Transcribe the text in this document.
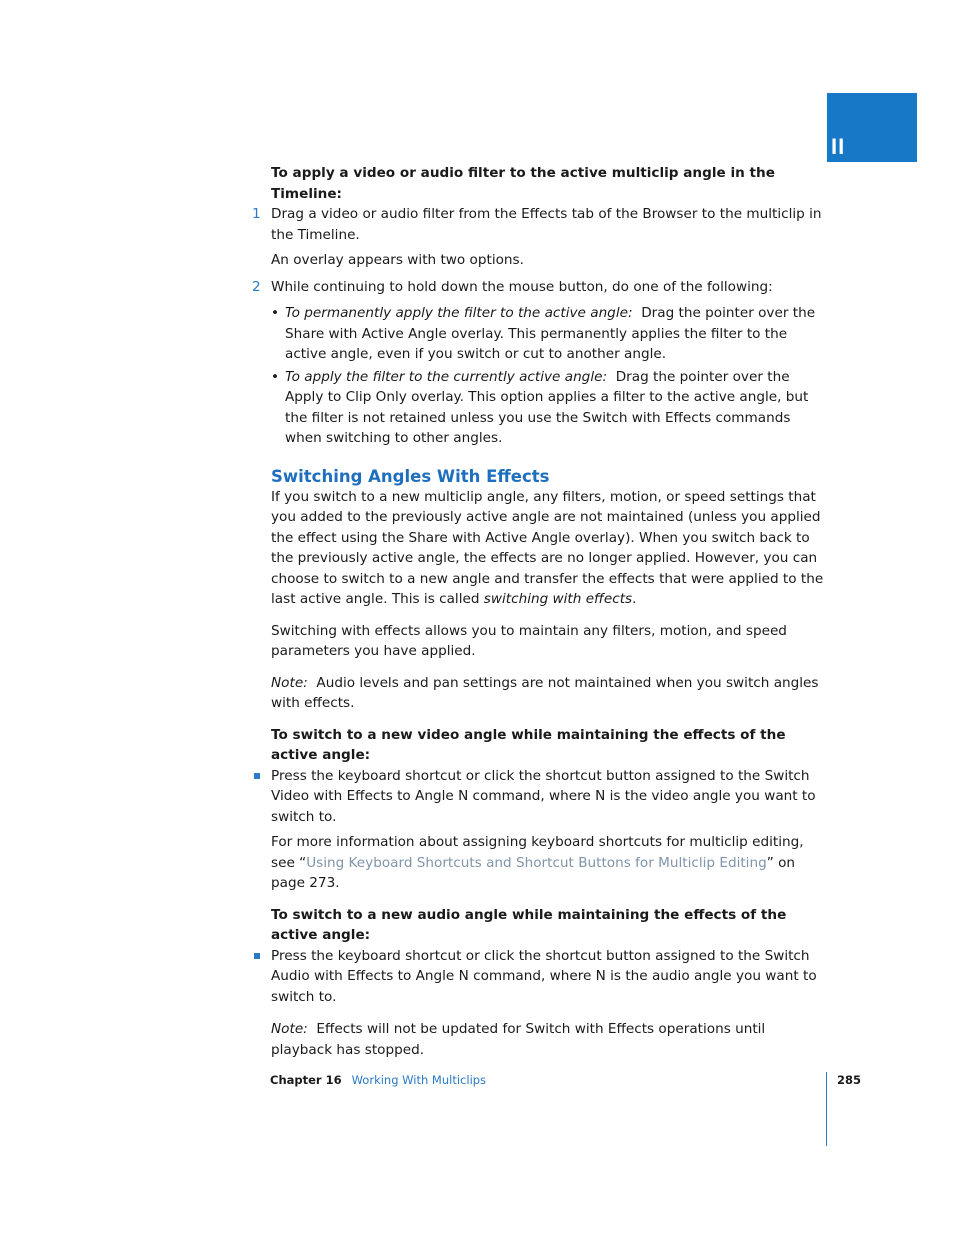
II

To apply a video or audio filter to the active multiclip angle in the Timeline:

1 Drag a video or audio filter from the Effects tab of the Browser to the multiclip in the Timeline.

An overlay appears with two options.

2 While continuing to hold down the mouse button, do one of the following:
• To permanently apply the filter to the active angle: Drag the pointer over the Share with Active Angle overlay. This permanently applies the filter to the active angle, even if you switch or cut to another angle.
• To apply the filter to the currently active angle: Drag the pointer over the Apply to Clip Only overlay. This option applies a filter to the active angle, but the filter is not retained unless you use the Switch with Effects commands when switching to other angles.
Switching Angles With Effects

If you switch to a new multiclip angle, any filters, motion, or speed settings that you added to the previously active angle are not maintained (unless you applied the effect using the Share with Active Angle overlay). When you switch back to the previously active angle, the effects are no longer applied. However, you can choose to switch to a new angle and transfer the effects that were applied to the last active angle. This is called switching with effects.

Switching with effects allows you to maintain any filters, motion, and speed parameters you have applied.

Note: Audio levels and pan settings are not maintained when you switch angles with effects.

To switch to a new video angle while maintaining the effects of the active angle:

Press the keyboard shortcut or click the shortcut button assigned to the Switch Video with Effects to Angle N command, where N is the video angle you want to switch to.

For more information about assigning keyboard shortcuts for multiclip editing, see “Using Keyboard Shortcuts and Shortcut Buttons for Multiclip Editing” on page 273.

To switch to a new audio angle while maintaining the effects of the active angle:

Press the keyboard shortcut or click the shortcut button assigned to the Switch Audio with Effects to Angle N command, where N is the audio angle you want to switch to.

Note: Effects will not be updated for Switch with Effects operations until playback has stopped.

Chapter 16 Working With Multiclips	285
